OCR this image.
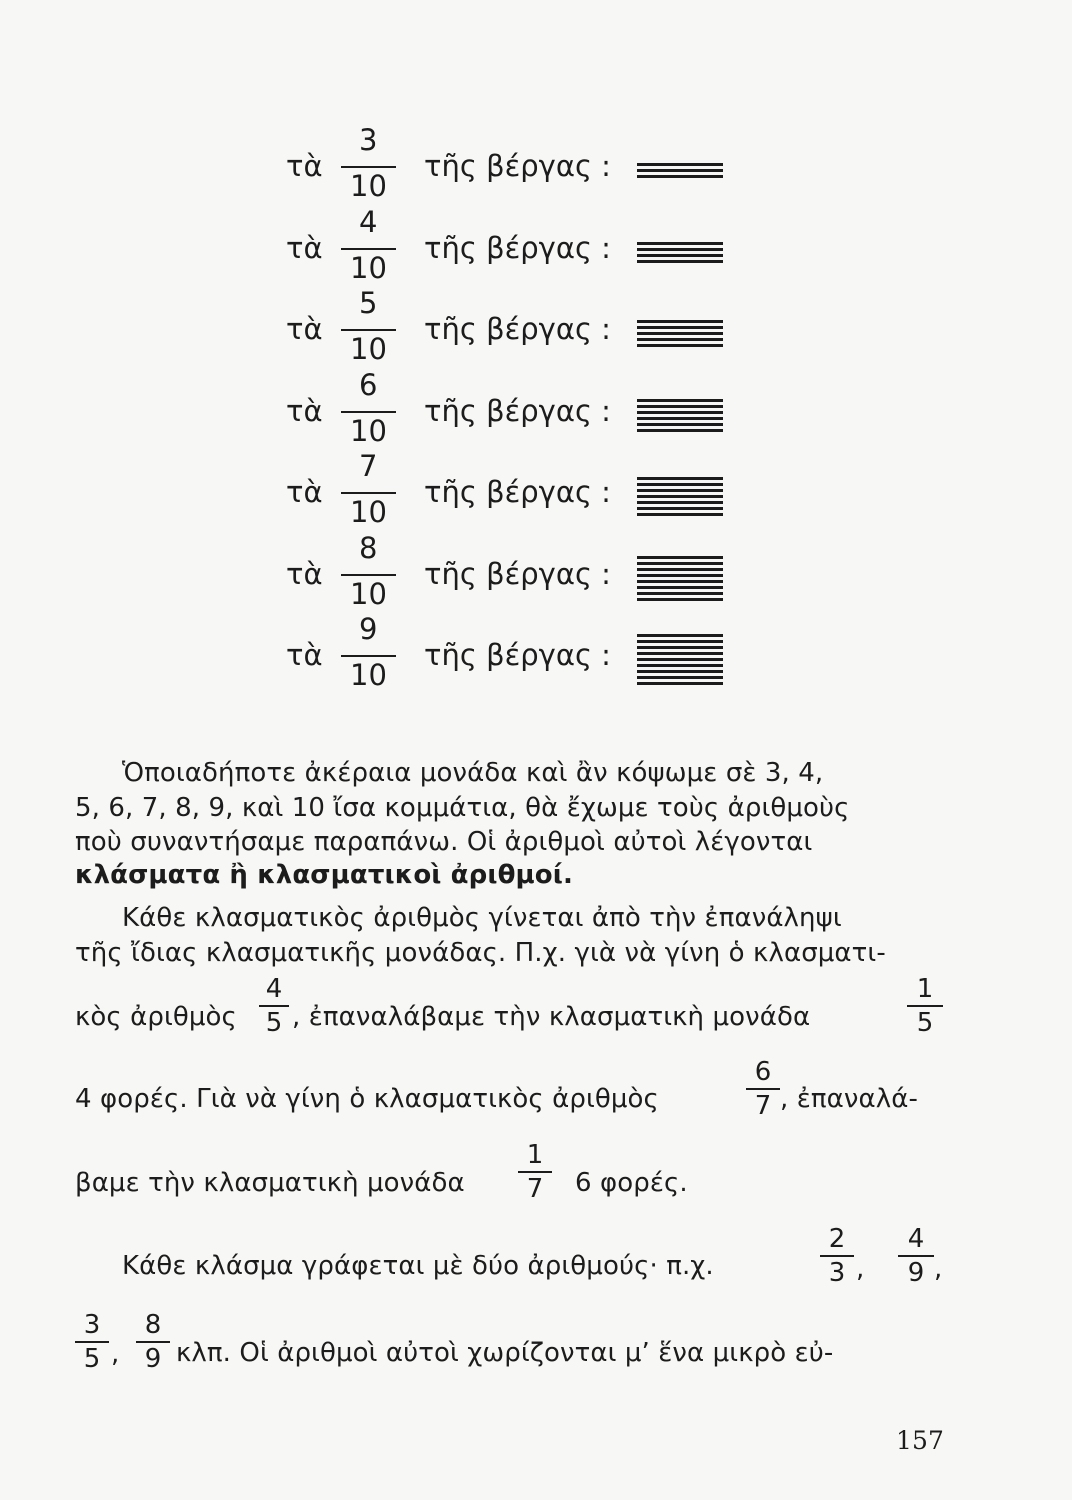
τὰ
3
10
τῆς βέργας :
τὰ
4
10
τῆς βέργας :
τὰ
5
10
τῆς βέργας :
τὰ
6
10
τῆς βέργας :
τὰ
7
10
τῆς βέργας :
τὰ
8
10
τῆς βέργας :
τὰ
9
10
τῆς βέργας :
Ὁποιαδήποτε ἀκέραια μονάδα καὶ ἂν κόψωμε σὲ 3, 4,
5, 6, 7, 8, 9, καὶ 10 ἴσα κομμάτια, θὰ ἔχωμε τοὺς ἀριθμοὺς
ποὺ συναντήσαμε παραπάνω. Οἱ ἀριθμοὶ αὐτοὶ λέγονται
κλάσματα ἢ κλασματικοὶ ἀριθμοί.
Κάθε κλασματικὸς ἀριθμὸς γίνεται ἀπὸ τὴν ἐπανάληψι
τῆς ἴδιας κλασματικῆς μονάδας. Π.χ. γιὰ νὰ γίνη ὁ κλασματι-
κὸς ἀριθμὸς
4
5 , ἐπαναλάβαμε τὴν κλασματικὴ μονάδα
1
5
4 φορές. Γιὰ νὰ γίνη ὁ κλασματικὸς ἀριθμὸς
6
7 , ἐπαναλά-
βαμε τὴν κλασματικὴ μονάδα
1
7	6 φορές.
Κάθε κλάσμα γράφεται μὲ δύο ἀριθμούς· π.χ.
2
3 ,
4
9 ,
3
5 ,
8
9 κλπ. Οἱ ἀριθμοὶ αὐτοὶ χωρίζονται μ’ ἕνα μικρὸ εὐ-
157
